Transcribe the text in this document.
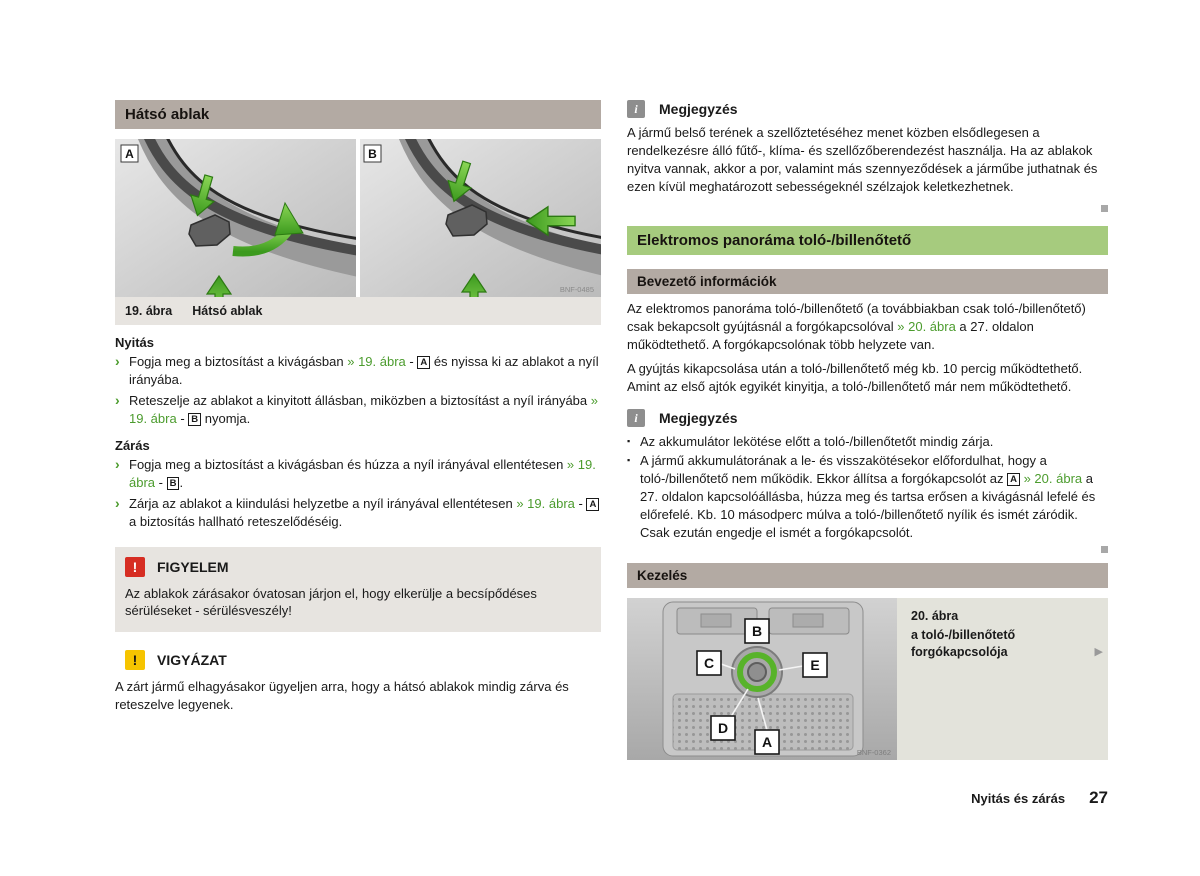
Hátsó ablak
A	B
BNF-0485
19. ábra Hátsó ablak
Nyitás
› Fogja meg a biztosítást a kivágásban » 19. ábra - A és nyissa ki az ablakot a nyíl irányába.
› Reteszelje az ablakot a kinyitott állásban, miközben a biztosítást a nyíl irányába » 19. ábra - B nyomja.
Zárás
› Fogja meg a biztosítást a kivágásban és húzza a nyíl irányával ellentétesen » 19. ábra - B .
› Zárja az ablakot a kiindulási helyzetbe a nyíl irányával ellentétesen » 19. ábra - A a biztosítás hallható reteszelődéséig.
!	FIGYELEM

Az ablakok zárásakor óvatosan járjon el, hogy elkerülje a becsípődéses sérüléseket - sérülésveszély!

!	VIGYÁZAT

A zárt jármű elhagyásakor ügyeljen arra, hogy a hátsó ablakok mindig zárva és reteszelve legyenek.

i	Megjegyzés

A jármű belső terének a szellőztetéséhez menet közben elsődlegesen a rendelkezésre álló fűtő-, klíma- és szellőzőberendezést használja. Ha az ablakok nyitva vannak, akkor a por, valamint más szennyeződések a járműbe juthatnak és ezen kívül meghatározott sebességeknél szélzajok keletkezhetnek.

Elektromos panoráma toló-/billenőtető
Bevezető információk

Az elektromos panoráma toló-/billenőtető (a továbbiakban csak toló-/billenőtető) csak bekapcsolt gyújtásnál a forgókapcsolóval » 20. ábra a 27. oldalon működtethető. A forgókapcsolónak több helyzete van.

A gyújtás kikapcsolása után a toló-/billenőtető még kb. 10 percig működtethető. Amint az első ajtók egyikét kinyitja, a toló-/billenőtető már nem működtethető.

i	Megjegyzés
▪ Az akkumulátor lekötése előtt a toló-/billenőtetőt mindig zárja.
▪ A jármű akkumulátorának a le- és visszakötésekor előfordulhat, hogy a toló-/billenőtető nem működik. Ekkor állítsa a forgókapcsolót az A » 20. ábra a 27. oldalon kapcsolóállásba, húzza meg és tartsa erősen a kivágásnál lefelé és előrefelé. Kb. 10 másodperc múlva a toló-/billenőtető nyílik és ismét záródik. Csak ezután engedje el ismét a forgókapcsolót.
Kezelés
B
C	E
D
A
BNF-0362
20. ábra
a toló-/billenőtető forgókapcsolója	▶
Nyitás és zárás 27
